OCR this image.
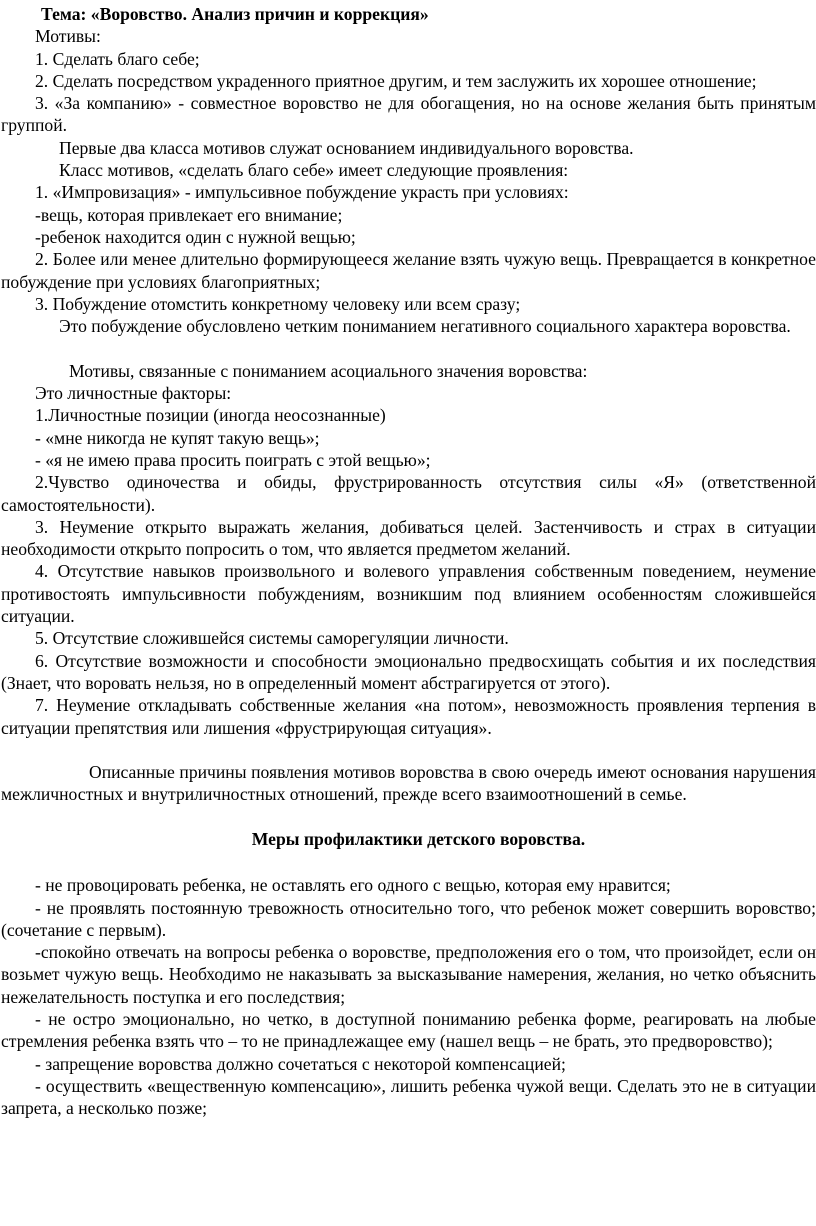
Тема: «Воровство. Анализ причин и коррекция»

Мотивы:

1. Сделать благо себе;

2. Сделать посредством украденного приятное другим, и тем заслужить их хорошее отношение;

3. «За компанию» - совместное воровство не для обогащения, но на основе желания быть принятым группой.

Первые два класса мотивов служат основанием индивидуального воровства.

Класс мотивов, «сделать благо себе» имеет следующие проявления:

1. «Импровизация» - импульсивное побуждение украсть при условиях:

-вещь, которая привлекает его внимание;

-ребенок находится один с нужной вещью;

2. Более или менее длительно формирующееся желание взять чужую вещь. Превращается в конкретное побуждение при условиях благоприятных;

3. Побуждение отомстить конкретному человеку или всем сразу;

Это побуждение обусловлено четким пониманием негативного социального характера воровства.

Мотивы, связанные с пониманием асоциального значения воровства:

Это личностные факторы:

1.Личностные позиции (иногда неосознанные)

- «мне никогда не купят такую вещь»;

- «я не имею права просить поиграть с этой вещью»;

2.Чувство одиночества и обиды, фрустрированность отсутствия силы «Я» (ответственной самостоятельности).

3. Неумение открыто выражать желания, добиваться целей. Застенчивость и страх в ситуации необходимости открыто попросить о том, что является предметом желаний.

4. Отсутствие навыков произвольного и волевого управления собственным поведением, неумение противостоять импульсивности побуждениям, возникшим под влиянием особенностям сложившейся ситуации.

5. Отсутствие сложившейся системы саморегуляции личности.

6. Отсутствие возможности и способности эмоционально предвосхищать события и их последствия (Знает, что воровать нельзя, но в определенный момент абстрагируется от этого).

7. Неумение откладывать собственные желания «на потом», невозможность проявления терпения в ситуации препятствия или лишения «фрустрирующая ситуация».

Описанные причины появления мотивов воровства в свою очередь имеют основания нарушения межличностных и внутриличностных отношений, прежде всего взаимоотношений в семье.

Меры профилактики детского воровства.

- не провоцировать ребенка, не оставлять его одного с вещью, которая ему нравится;

- не проявлять постоянную тревожность относительно того, что ребенок может совершить воровство; (сочетание с первым).

-спокойно отвечать на вопросы ребенка о воровстве, предположения его о том, что произойдет, если он возьмет чужую вещь. Необходимо не наказывать за высказывание намерения, желания, но четко объяснить нежелательность поступка и его последствия;

- не остро эмоционально, но четко, в доступной пониманию ребенка форме, реагировать на любые стремления ребенка взять что – то не принадлежащее ему (нашел вещь – не брать, это предворовство);

- запрещение воровства должно сочетаться с некоторой компенсацией;

- осуществить «вещественную компенсацию», лишить ребенка чужой вещи. Сделать это не в ситуации запрета, а несколько позже;
